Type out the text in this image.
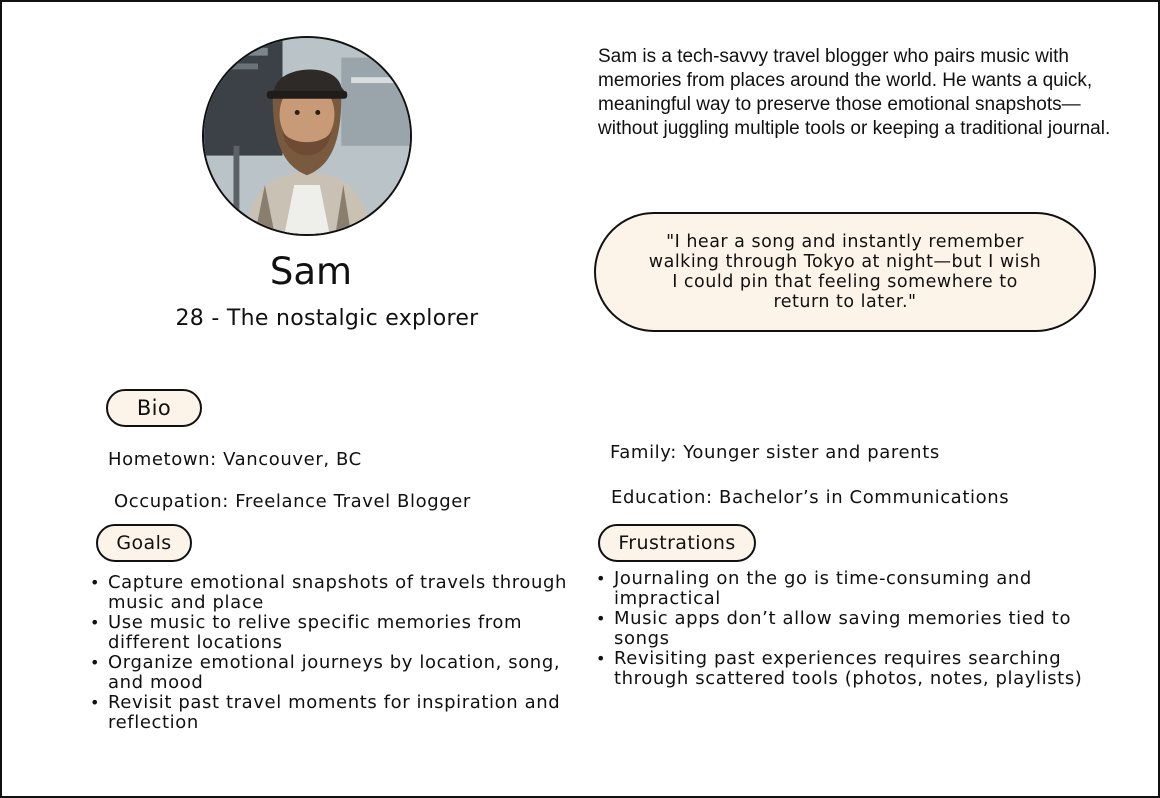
Sam
28 - The nostalgic explorer

Sam is a tech-savvy travel blogger who pairs music with memories from places around the world. He wants a quick, meaningful way to preserve those emotional snapshots—without juggling multiple tools or keeping a traditional journal.

"I hear a song and instantly remember walking through Tokyo at night—but I wish I could pin that feeling somewhere to return to later."
Bio
Hometown: Vancouver, BC
Occupation: Freelance Travel Blogger
Family: Younger sister and parents
Education: Bachelor’s in Communications
Goals
• Capture emotional snapshots of travels through music and place
• Use music to relive specific memories from different locations
• Organize emotional journeys by location, song, and mood
• Revisit past travel moments for inspiration and reflection
Frustrations
• Journaling on the go is time-consuming and impractical
• Music apps don’t allow saving memories tied to songs
• Revisiting past experiences requires searching through scattered tools (photos, notes, playlists)
